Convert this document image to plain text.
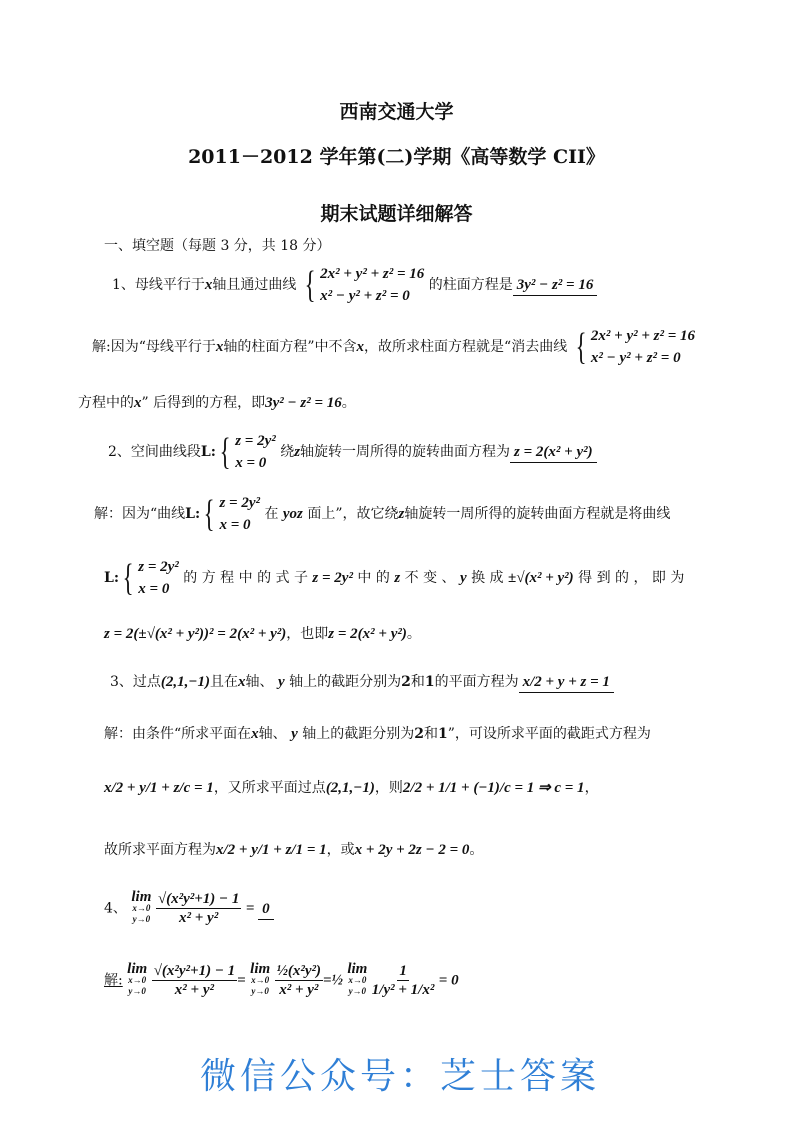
西南交通大学
2011－2012 学年第(二)学期《高等数学 CII》
期末试题详细解答
一、填空题（每题 3 分，共 18 分）
1、母线平行于x轴且通过曲线 { 2x² + y² + z² = 16
x² − y² + z² = 0
的柱面方程是 3y² − z² = 16
解:因为“母线平行于x轴的柱面方程”中不含x，故所求柱面方程就是“消去曲线 { 2x² + y² + z² = 16
x² − y² + z² = 0
方程中的x” 后得到的方程，即3y² − z² = 16。
2、空间曲线段L: { z = 2y²
x = 0
绕z轴旋转一周所得的旋转曲面方程为 z = 2(x² + y²)
解：因为“曲线L: { z = 2y²
x = 0
在 yoz 面上”，故它绕z轴旋转一周所得的旋转曲面方程就是将曲线
L: { z = 2y²
x = 0
的 方 程 中 的 式 子 z = 2y² 中 的 z 不 变 、 y 换 成 ±√(x² + y²) 得 到 的 ， 即 为
z = 2(±√(x² + y²))² = 2(x² + y²)，也即z = 2(x² + y²)。
3、过点(2,1,−1)且在x轴、 y 轴上的截距分别为2和1的平面方程为 x/2 + y + z = 1
解：由条件“所求平面在x轴、 y 轴上的截距分别为2和1”，可设所求平面的截距式方程为
x/2 + y/1 + z/c = 1，又所求平面过点(2,1,−1)，则2/2 + 1/1 + (−1)/c = 1 ⇒ c = 1，
故所求平面方程为x/2 + y/1 + z/1 = 1，或x + 2y + 2z − 2 = 0。
4、
lim
x→0
y→0
$\frac{\text{√(x²y²+1) − 1}}{\text{x² + y²}} = 0$
解:
lim
x→0
y→0
$\frac{\text{√(x²y²+1) − 1}}{\text{x² + y²}}$ =
lim
x→0
y→0
$\frac{\text{½(x²y²)}}{\text{x² + y²}}$ =½
lim
x→0
y→0
$\frac{1}{\text{1/y² + 1/x²}} = 0$
微信公众号：芝士答案
